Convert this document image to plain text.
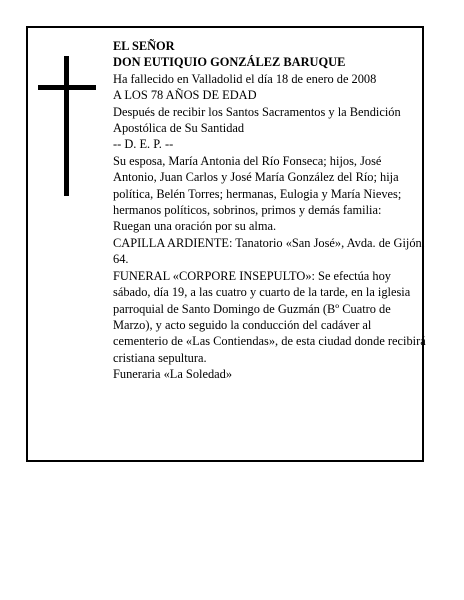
EL SEÑOR

DON EUTIQUIO GONZÁLEZ BARUQUE

Ha fallecido en Valladolid el día 18 de enero de 2008

A LOS 78 AÑOS DE EDAD

Después de recibir los Santos Sacramentos y la Bendición Apostólica de Su Santidad

-- D. E. P. --

Su esposa, María Antonia del Río Fonseca; hijos, José Antonio, Juan Carlos y José María González del Río; hija política, Belén Torres; hermanas, Eulogia y María Nieves; hermanos políticos, sobrinos, primos y demás familia:

Ruegan una oración por su alma.

CAPILLA ARDIENTE: Tanatorio «San José», Avda. de Gijón, 64.

FUNERAL «CORPORE INSEPULTO»: Se efectúa hoy sábado, día 19, a las cuatro y cuarto de la tarde, en la iglesia parroquial de Santo Domingo de Guzmán (Bº Cuatro de Marzo), y acto seguido la conducción del cadáver al cementerio de «Las Contiendas», de esta ciudad donde recibirá cristiana sepultura.

Funeraria «La Soledad»
